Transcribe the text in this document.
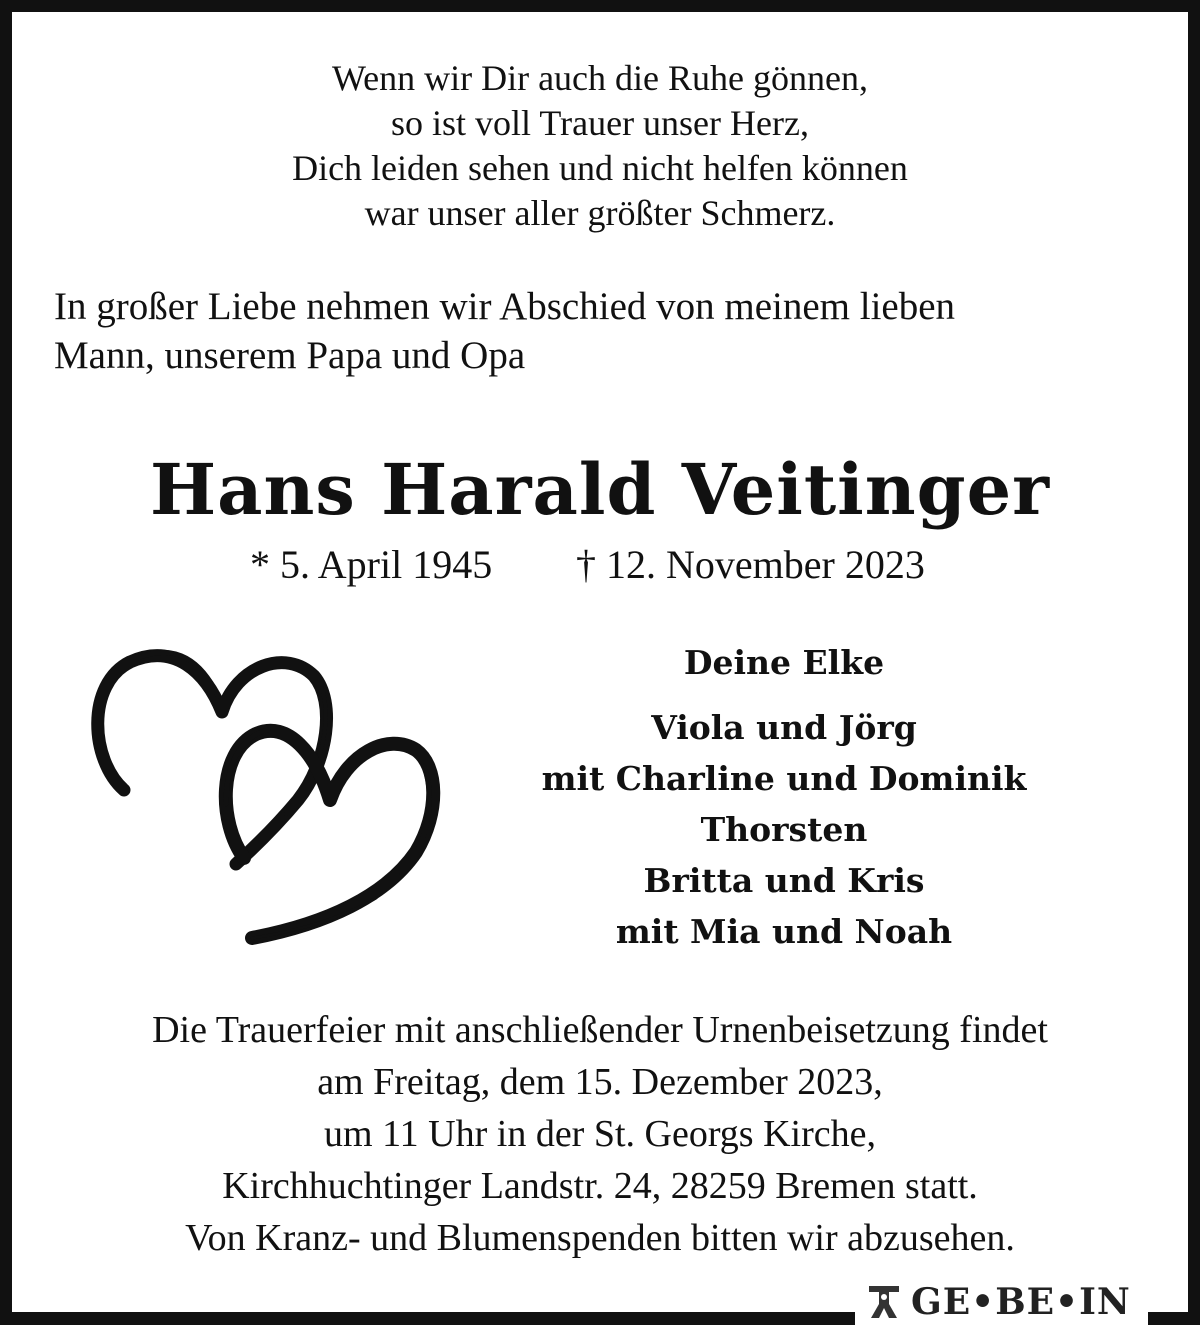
Wenn wir Dir auch die Ruhe gönnen,
so ist voll Trauer unser Herz,
Dich leiden sehen und nicht helfen können
war unser aller größter Schmerz.
In großer Liebe nehmen wir Abschied von meinem lieben
Mann, unserem Papa und Opa
Hans Harald Veitinger
* 5. April 1945 † 12. November 2023
Deine Elke
Viola und Jörg
mit Charline und Dominik
Thorsten
Britta und Kris
mit Mia und Noah
Die Trauerfeier mit anschließender Urnenbeisetzung findet
am Freitag, dem 15. Dezember 2023,
um 11 Uhr in der St. Georgs Kirche,
Kirchhuchtinger Landstr. 24, 28259 Bremen statt.
Von Kranz- und Blumenspenden bitten wir abzusehen.
GE•BE•IN
